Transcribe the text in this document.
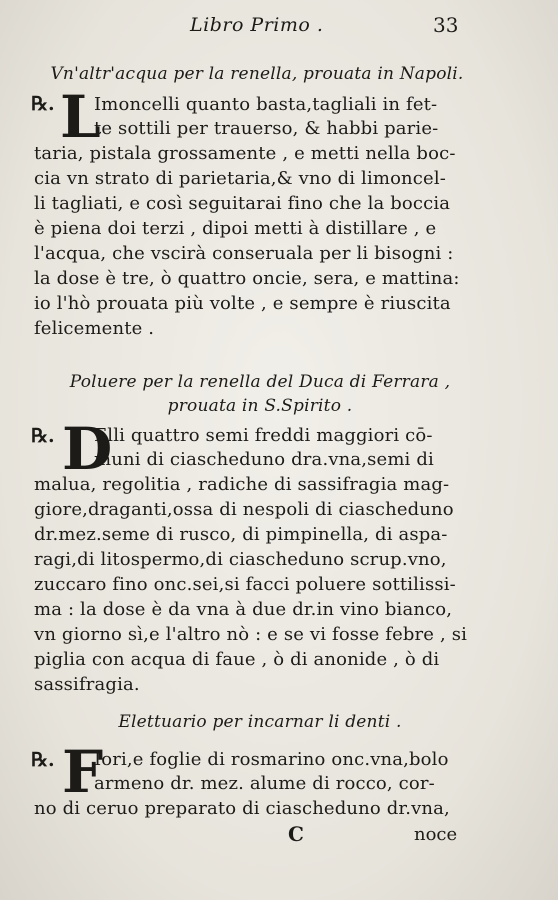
Libro Primo .	33
Vn'altr'acqua per la renella, prouata in Napoli.
℞. L
Imoncelli quanto basta,tagliali in fet-
te sottili per trauerso, & habbi parie-
taria, pistala grossamente , e metti nella boc-
cia vn strato di parietaria,& vno di limoncel-
li tagliati, e così seguitarai fino che la boccia
è piena doi terzi , dipoi metti à distillare , e
l'acqua, che vscirà conseruala per li bisogni :
la dose è tre, ò quattro oncie, sera, e mattina:
io l'hò prouata più volte , e sempre è riuscita
felicemente .
Poluere per la renella del Duca di Ferrara ,
prouata in S.Spirito .
℞. D
Elli quattro semi freddi maggiori cō-
muni di ciascheduno dra.vna,semi di
malua, regolitia , radiche di sassifragia mag-
giore,draganti,ossa di nespoli di ciascheduno
dr.mez.seme di rusco, di pimpinella, di aspa-
ragi,di litospermo,di ciascheduno scrup.vno,
zuccaro fino onc.sei,si facci poluere sottilissi-
ma : la dose è da vna à due dr.in vino bianco,
vn giorno sì,e l'altro nò : e se vi fosse febre , si
piglia con acqua di faue , ò di anonide , ò di
sassifragia.
Elettuario per incarnar li denti .
℞. F
Iori,e foglie di rosmarino onc.vna,bolo
armeno dr. mez. alume di rocco, cor-
no di ceruo preparato di ciascheduno dr.vna,
C	noce
